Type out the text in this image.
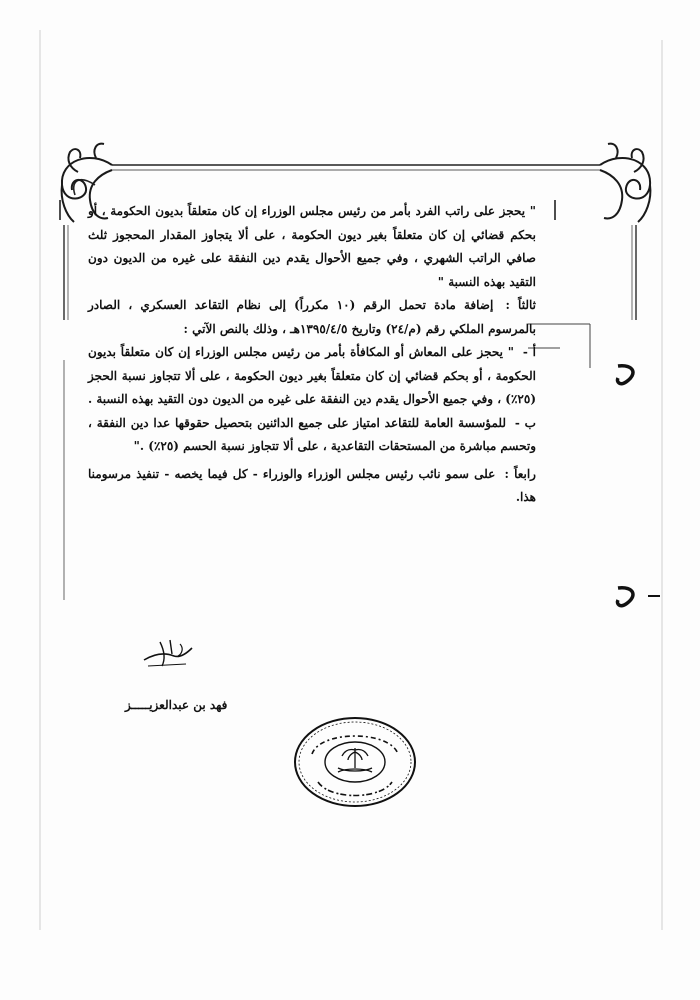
" يحجز على راتب الفرد بأمر من رئيس مجلس الوزراء إن كان متعلقاً بديون الحكومة ، أو بحكم قضائي إن كان متعلقاً بغير ديون الحكومة ، على ألا يتجاوز المقدار المحجوز ثلث صافي الراتب الشهري ، وفي جميع الأحوال يقدم دين النفقة على غيره من الديون دون التقيد بهذه النسبة "

ثالثاً : إضافة مادة تحمل الرقم (١٠ مكرراً) إلى نظام التقاعد العسكري ، الصادر بالمرسوم الملكي رقم (م/٢٤) وتاريخ ١٣٩٥/٤/٥هـ ، وذلك بالنص الآتي :

أ - " يحجز على المعاش أو المكافأة بأمر من رئيس مجلس الوزراء إن كان متعلقاً بديون الحكومة ، أو بحكم قضائي إن كان متعلقاً بغير ديون الحكومة ، على ألا تتجاوز نسبة الحجز (٢٥٪) ، وفي جميع الأحوال يقدم دين النفقة على غيره من الديون دون التقيد بهذه النسبة .

ب - للمؤسسة العامة للتقاعد امتياز على جميع الدائنين بتحصيل حقوقها عدا دين النفقة ، وتحسم مباشرة من المستحقات التقاعدية ، على ألا تتجاوز نسبة الحسم (٢٥٪) ."

رابعاً : على سمو نائب رئيس مجلس الوزراء والوزراء - كل فيما يخصه - تنفيذ مرسومنا هذا.

فهد بن عبدالعزيـــــز
